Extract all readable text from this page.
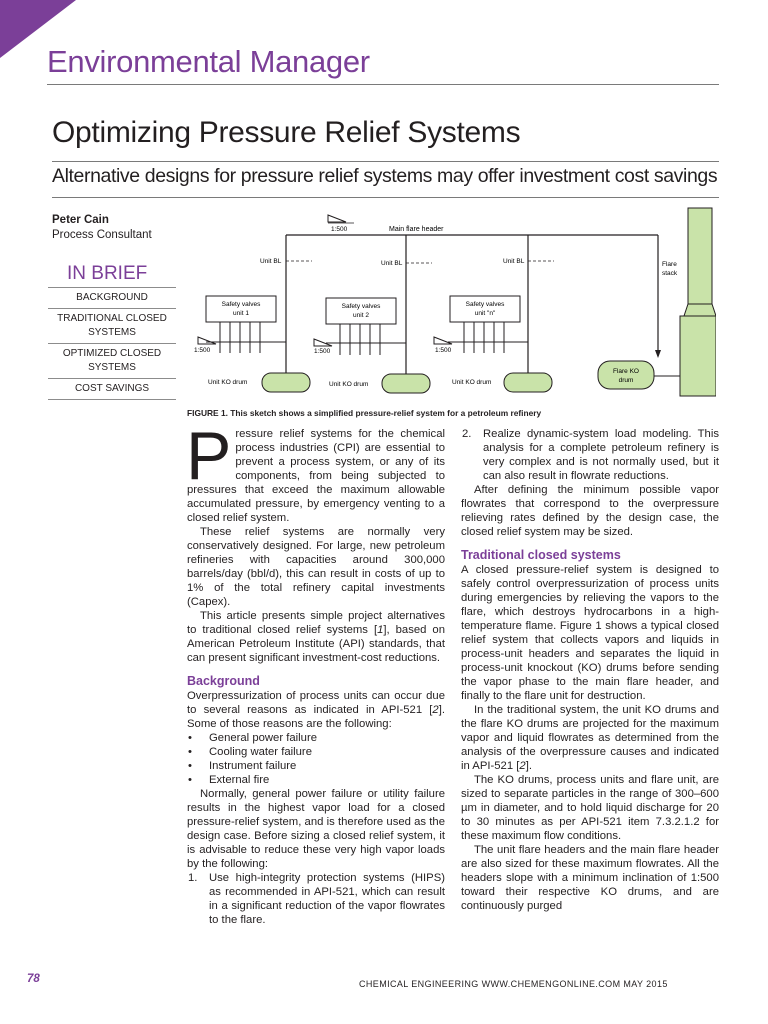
Environmental Manager
Optimizing Pressure Relief Systems
Alternative designs for pressure relief systems may offer investment cost savings
Peter Cain
Process Consultant
IN BRIEF
BACKGROUND
TRADITIONAL CLOSED SYSTEMS
OPTIMIZED CLOSED SYSTEMS
COST SAVINGS
Main flare header
1:500
Unit BL	Unit BL	Unit BL
Safety valves
unit 1
1:500
Unit KO drum
Safety valves
unit 2
1:500
Unit KO drum
Safety valves
unit "n"
1:500
Unit KO drum
Flare KO
drum
Flare
stack
FIGURE 1. This sketch shows a simplified pressure-relief system for a petroleum refinery

Pressure relief systems for the chemical process industries (CPI) are essential to prevent a process system, or any of its components, from being subjected to pressures that exceed the maximum allowable accumulated pressure, by emergency venting to a closed relief system.

These relief systems are normally very conservatively designed. For large, new petroleum refineries with capacities around 300,000 barrels/day (bbl/d), this can result in costs of up to 1% of the total refinery capital investments (Capex).

This article presents simple project alternatives to traditional closed relief systems [1], based on American Petroleum Institute (API) standards, that can present significant investment-cost reductions.

Background

Overpressurization of process units can occur due to several reasons as indicated in API-521 [2]. Some of those reasons are the following:

• General power failure
• Cooling water failure
• Instrument failure
• External fire

Normally, general power failure or utility failure results in the highest vapor load for a closed pressure-relief system, and is therefore used as the design case. Before sizing a closed relief system, it is advisable to reduce these very high vapor loads by the following:

1. Use high-integrity protection systems (HIPS) as recommended in API-521, which can result in a significant reduction of the vapor flowrates to the flare.
2. Realize dynamic-system load modeling. This analysis for a complete petroleum refinery is very complex and is not normally used, but it can also result in flowrate reductions.

After defining the minimum possible vapor flowrates that correspond to the overpressure relieving rates defined by the design case, the closed relief system may be sized.

Traditional closed systems

A closed pressure-relief system is designed to safely control overpressurization of process units during emergencies by relieving the vapors to the flare, which destroys hydrocarbons in a high-temperature flame. Figure 1 shows a typical closed relief system that collects vapors and liquids in process-unit headers and separates the liquid in process-unit knockout (KO) drums before sending the vapor phase to the main flare header, and finally to the flare unit for destruction.

In the traditional system, the unit KO drums and the flare KO drums are projected for the maximum vapor and liquid flowrates as determined from the analysis of the overpressure causes and indicated in API-521 [2].

The KO drums, process units and flare unit, are sized to separate particles in the range of 300–600 µm in diameter, and to hold liquid discharge for 20 to 30 minutes as per API-521 item 7.3.2.1.2 for these maximum flow conditions.

The unit flare headers and the main flare header are also sized for these maximum flowrates. All the headers slope with a minimum inclination of 1:500 toward their respective KO drums, and are continuously purged

78	CHEMICAL ENGINEERING WWW.CHEMENGONLINE.COM MAY 2015
